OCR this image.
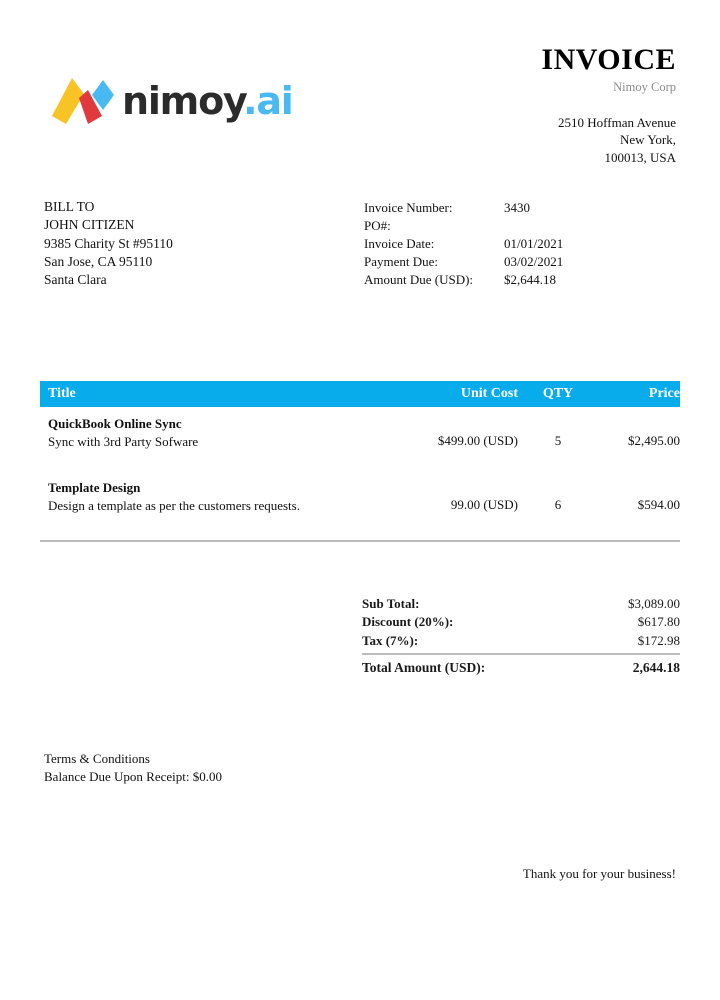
nimoy.ai
INVOICE
Nimoy Corp
2510 Hoffman Avenue
New York,
100013, USA
BILL TO
JOHN CITIZEN
9385 Charity St #95110
San Jose, CA 95110
Santa Clara
Invoice Number:	3430
PO#:
Invoice Date:	01/01/2021
Payment Due:	03/02/2021
Amount Due (USD):	$2,644.18
Title	Unit Cost	QTY	Price
QuickBook Online Sync
Sync with 3rd Party Sofware	$499.00 (USD)	5	$2,495.00
Template Design
Design a template as per the customers requests.	99.00 (USD)	6	$594.00
Sub Total:	$3,089.00
Discount (20%):	$617.80
Tax (7%):	$172.98
Total Amount (USD):	2,644.18
Terms & Conditions
Balance Due Upon Receipt: $0.00
Thank you for your business!
